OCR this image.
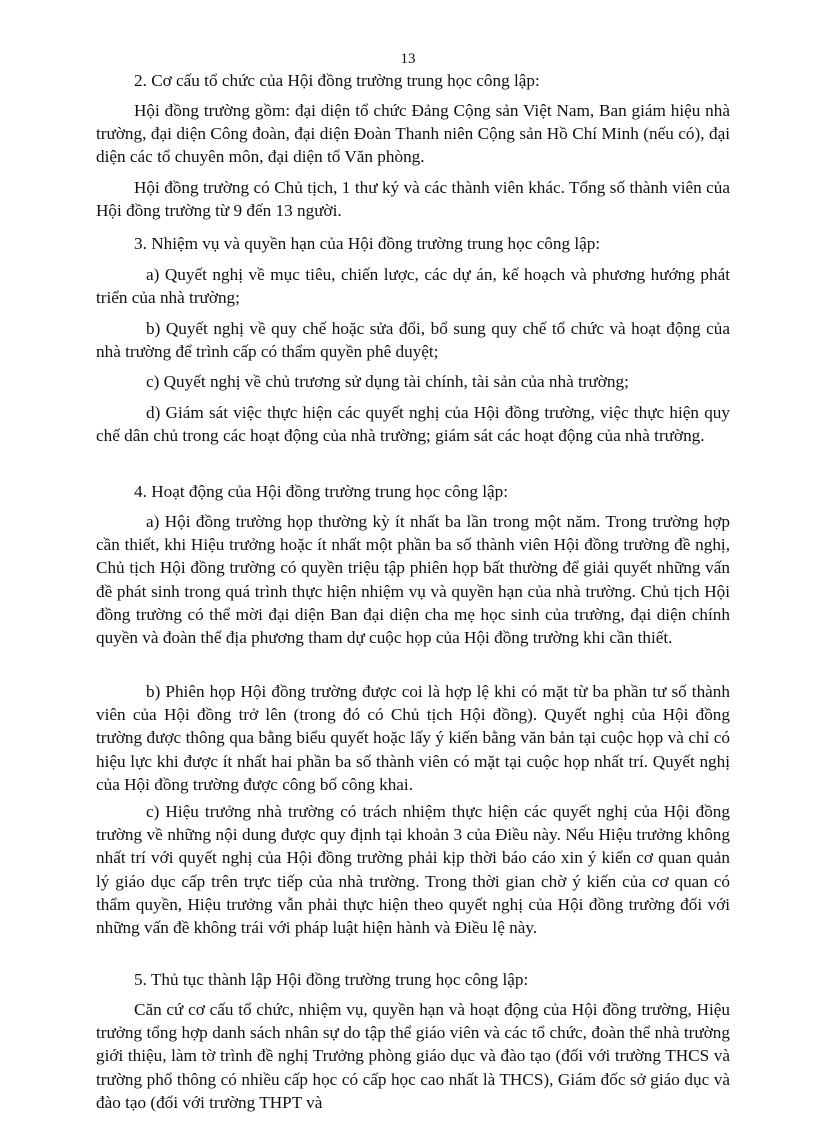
13

2. Cơ cấu tổ chức của Hội đồng trường trung học công lập:

Hội đồng trường gồm: đại diện tổ chức Đảng Cộng sản Việt Nam, Ban giám hiệu nhà trường, đại diện Công đoàn, đại diện Đoàn Thanh niên Cộng sản Hồ Chí Minh (nếu có), đại diện các tổ chuyên môn, đại diện tổ Văn phòng.

Hội đồng trường có Chủ tịch, 1 thư ký và các thành viên khác. Tổng số thành viên của Hội đồng trường từ 9 đến 13 người.

3. Nhiệm vụ và quyền hạn của Hội đồng trường trung học công lập:

a) Quyết nghị về mục tiêu, chiến lược, các dự án, kế hoạch và phương hướng phát triển của nhà trường;

b) Quyết nghị về quy chế hoặc sửa đổi, bổ sung quy chế tổ chức và hoạt động của nhà trường để trình cấp có thẩm quyền phê duyệt;

c) Quyết nghị về chủ trương sử dụng tài chính, tài sản của nhà trường;

d) Giám sát việc thực hiện các quyết nghị của Hội đồng trường, việc thực hiện quy chế dân chủ trong các hoạt động của nhà trường; giám sát các hoạt động của nhà trường.

4. Hoạt động của Hội đồng trường trung học công lập:

a) Hội đồng trường họp thường kỳ ít nhất ba lần trong một năm. Trong trường hợp cần thiết, khi Hiệu trưởng hoặc ít nhất một phần ba số thành viên Hội đồng trường đề nghị, Chủ tịch Hội đồng trường có quyền triệu tập phiên họp bất thường để giải quyết những vấn đề phát sinh trong quá trình thực hiện nhiệm vụ và quyền hạn của nhà trường. Chủ tịch Hội đồng trường có thể mời đại diện Ban đại diện cha mẹ học sinh của trường, đại diện chính quyền và đoàn thể địa phương tham dự cuộc họp của Hội đồng trường khi cần thiết.

b) Phiên họp Hội đồng trường được coi là hợp lệ khi có mặt từ ba phần tư số thành viên của Hội đồng trở lên (trong đó có Chủ tịch Hội đồng). Quyết nghị của Hội đồng trường được thông qua bằng biểu quyết hoặc lấy ý kiến bằng văn bản tại cuộc họp và chỉ có hiệu lực khi được ít nhất hai phần ba số thành viên có mặt tại cuộc họp nhất trí. Quyết nghị của Hội đồng trường được công bố công khai.

c) Hiệu trưởng nhà trường có trách nhiệm thực hiện các quyết nghị của Hội đồng trường về những nội dung được quy định tại khoản 3 của Điều này. Nếu Hiệu trưởng không nhất trí với quyết nghị của Hội đồng trường phải kịp thời báo cáo xin ý kiến cơ quan quản lý giáo dục cấp trên trực tiếp của nhà trường. Trong thời gian chờ ý kiến của cơ quan có thẩm quyền, Hiệu trưởng vẫn phải thực hiện theo quyết nghị của Hội đồng trường đối với những vấn đề không trái với pháp luật hiện hành và Điều lệ này.

5. Thủ tục thành lập Hội đồng trường trung học công lập:

Căn cứ cơ cấu tổ chức, nhiệm vụ, quyền hạn và hoạt động của Hội đồng trường, Hiệu trưởng tổng hợp danh sách nhân sự do tập thể giáo viên và các tổ chức, đoàn thể nhà trường giới thiệu, làm tờ trình đề nghị Trưởng phòng giáo dục và đào tạo (đối với trường THCS và trường phổ thông có nhiều cấp học có cấp học cao nhất là THCS), Giám đốc sở giáo dục và đào tạo (đối với trường THPT và
